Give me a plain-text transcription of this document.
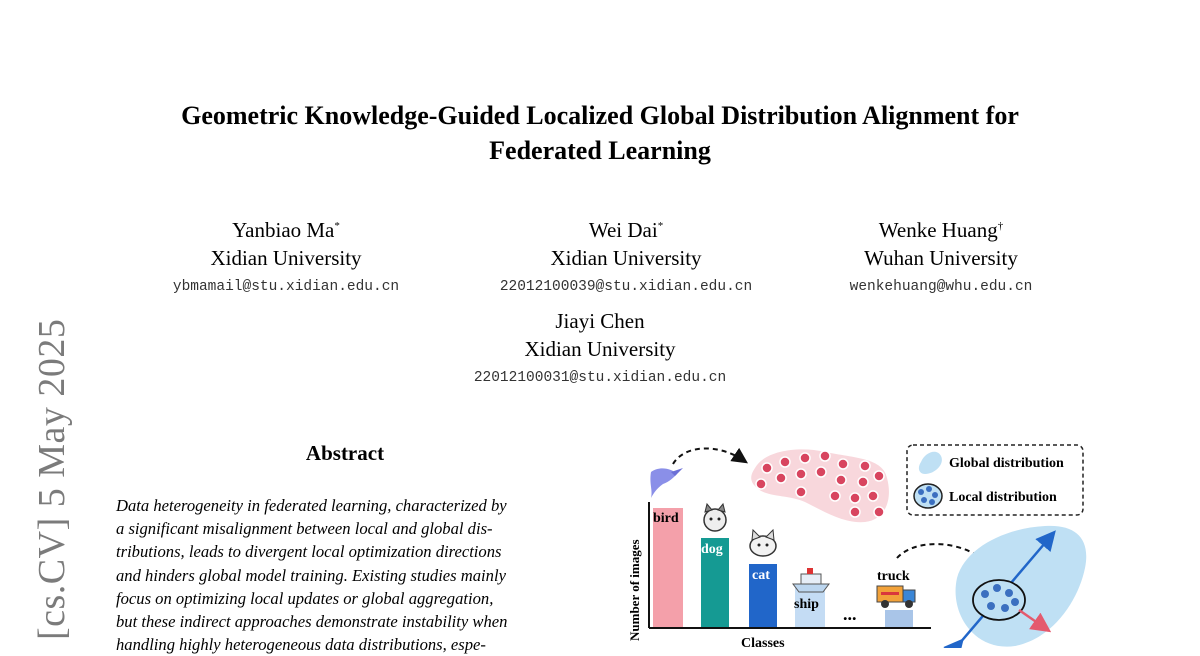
[cs.CV] 5 May 2025
Geometric Knowledge-Guided Localized Global Distribution Alignment for
Federated Learning
Yanbiao Ma*
Xidian University
ybmamail@stu.xidian.edu.cn
Wei Dai*
Xidian University
22012100039@stu.xidian.edu.cn
Wenke Huang†
Wuhan University
wenkehuang@whu.edu.cn
Jiayi Chen
Xidian University
22012100031@stu.xidian.edu.cn
Abstract
Data heterogeneity in federated learning, characterized by
a significant misalignment between local and global dis-
tributions, leads to divergent local optimization directions
and hinders global model training. Existing studies mainly
focus on optimizing local updates or global aggregation,
but these indirect approaches demonstrate instability when
handling highly heterogeneous data distributions, espe-
Global distribution
Local distribution
Number of images
Classes
bird
dog
cat
ship ...
truck
